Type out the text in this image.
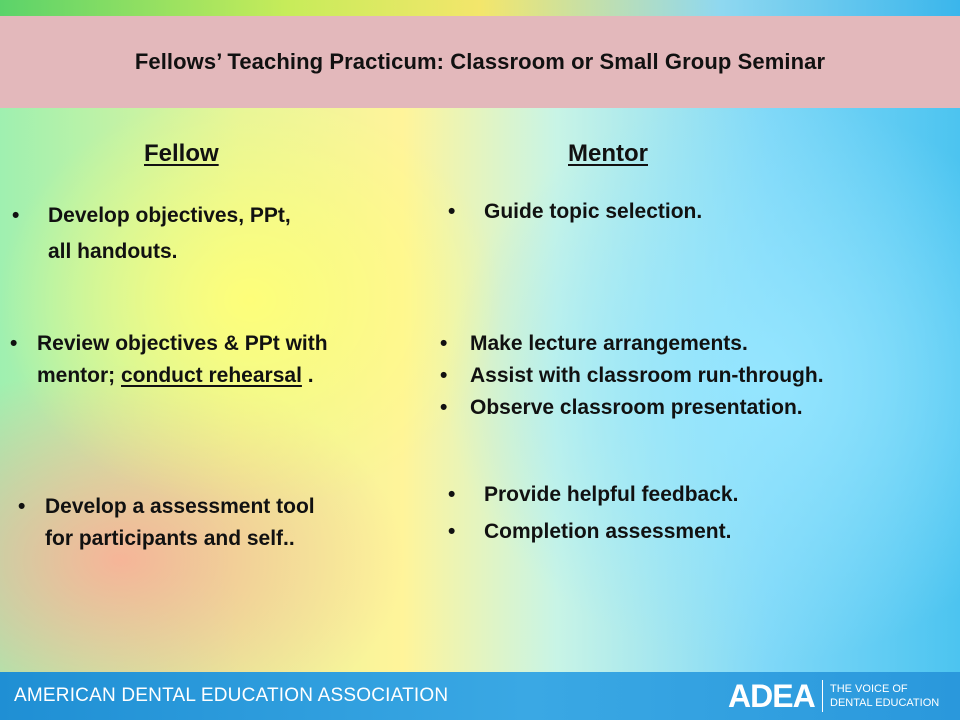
Fellows’ Teaching Practicum: Classroom or Small Group Seminar
Fellow	Mentor
• Develop objectives, PPt,
all handouts.
• Review objectives & PPt with
mentor; conduct rehearsal .
• Develop a assessment tool
for participants and self..
• Guide topic selection.
• Make lecture arrangements.
• Assist with classroom run-through.
• Observe classroom presentation.
• Provide helpful feedback.
• Completion assessment.
AMERICAN DENTAL EDUCATION ASSOCIATION	ADEA THE VOICE OF
DENTAL EDUCATION
